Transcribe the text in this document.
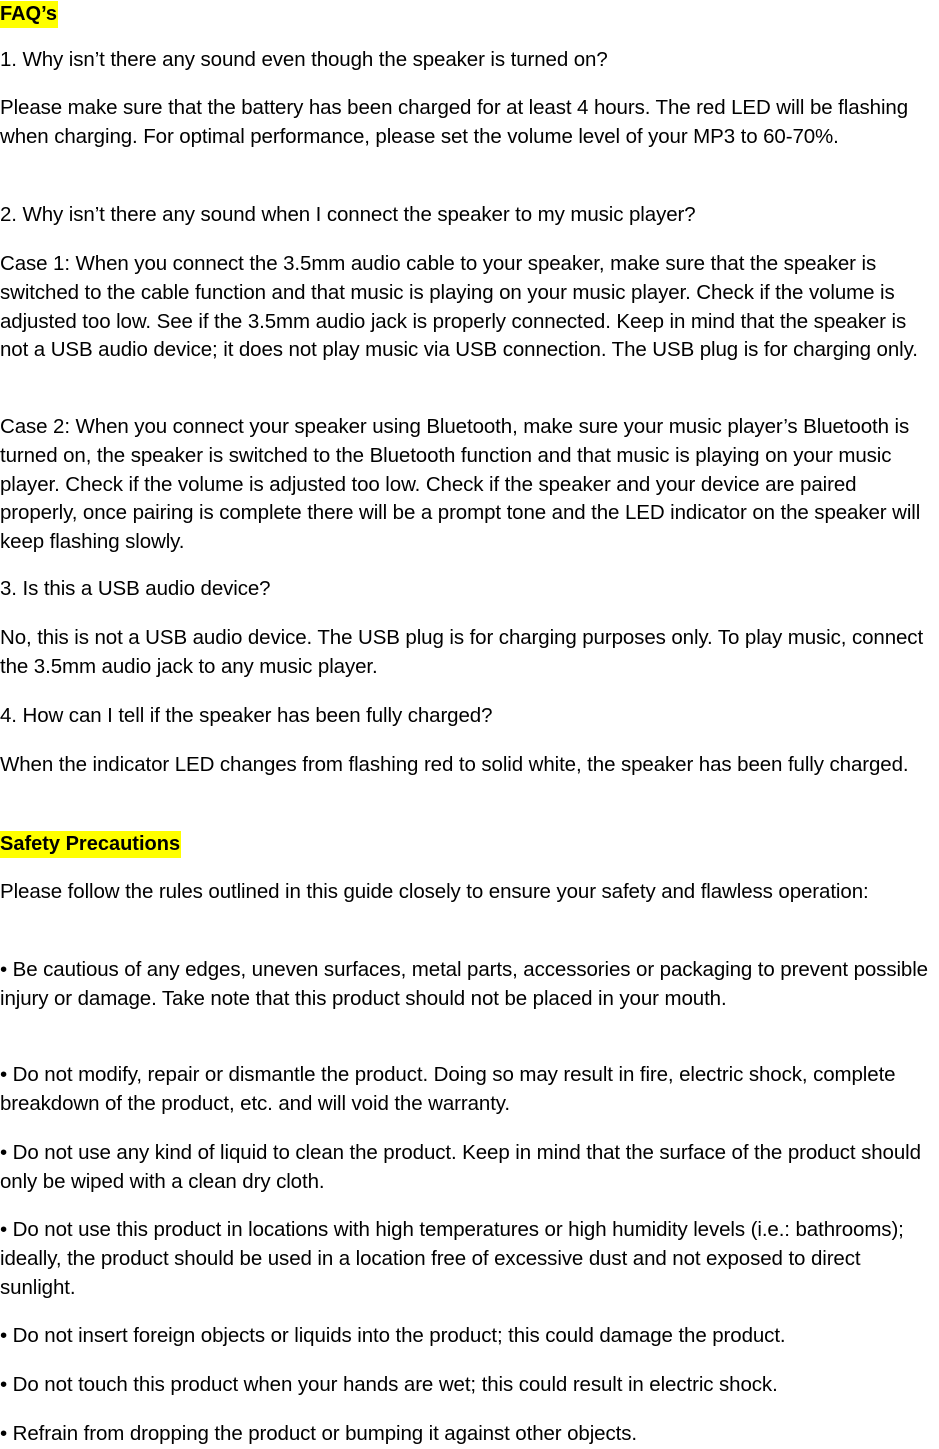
FAQ’s

1. Why isn’t there any sound even though the speaker is turned on?

Please make sure that the battery has been charged for at least 4 hours. The red LED will be flashing when charging. For optimal performance, please set the volume level of your MP3 to 60-70%.

2. Why isn’t there any sound when I connect the speaker to my music player?

Case 1: When you connect the 3.5mm audio cable to your speaker, make sure that the speaker is switched to the cable function and that music is playing on your music player. Check if the volume is adjusted too low. See if the 3.5mm audio jack is properly connected. Keep in mind that the speaker is not a USB audio device; it does not play music via USB connection. The USB plug is for charging only.

Case 2: When you connect your speaker using Bluetooth, make sure your music player’s Bluetooth is turned on, the speaker is switched to the Bluetooth function and that music is playing on your music player. Check if the volume is adjusted too low. Check if the speaker and your device are paired properly, once pairing is complete there will be a prompt tone and the LED indicator on the speaker will keep flashing slowly.

3. Is this a USB audio device?

No, this is not a USB audio device. The USB plug is for charging purposes only. To play music, connect the 3.5mm audio jack to any music player.

4. How can I tell if the speaker has been fully charged?

When the indicator LED changes from flashing red to solid white, the speaker has been fully charged.

Safety Precautions

Please follow the rules outlined in this guide closely to ensure your safety and flawless operation:

• Be cautious of any edges, uneven surfaces, metal parts, accessories or packaging to prevent possible injury or damage. Take note that this product should not be placed in your mouth.

• Do not modify, repair or dismantle the product. Doing so may result in fire, electric shock, complete breakdown of the product, etc. and will void the warranty.

• Do not use any kind of liquid to clean the product. Keep in mind that the surface of the product should only be wiped with a clean dry cloth.

• Do not use this product in locations with high temperatures or high humidity levels (i.e.: bathrooms); ideally, the product should be used in a location free of excessive dust and not exposed to direct sunlight.

• Do not insert foreign objects or liquids into the product; this could damage the product.

• Do not touch this product when your hands are wet; this could result in electric shock.

• Refrain from dropping the product or bumping it against other objects.
